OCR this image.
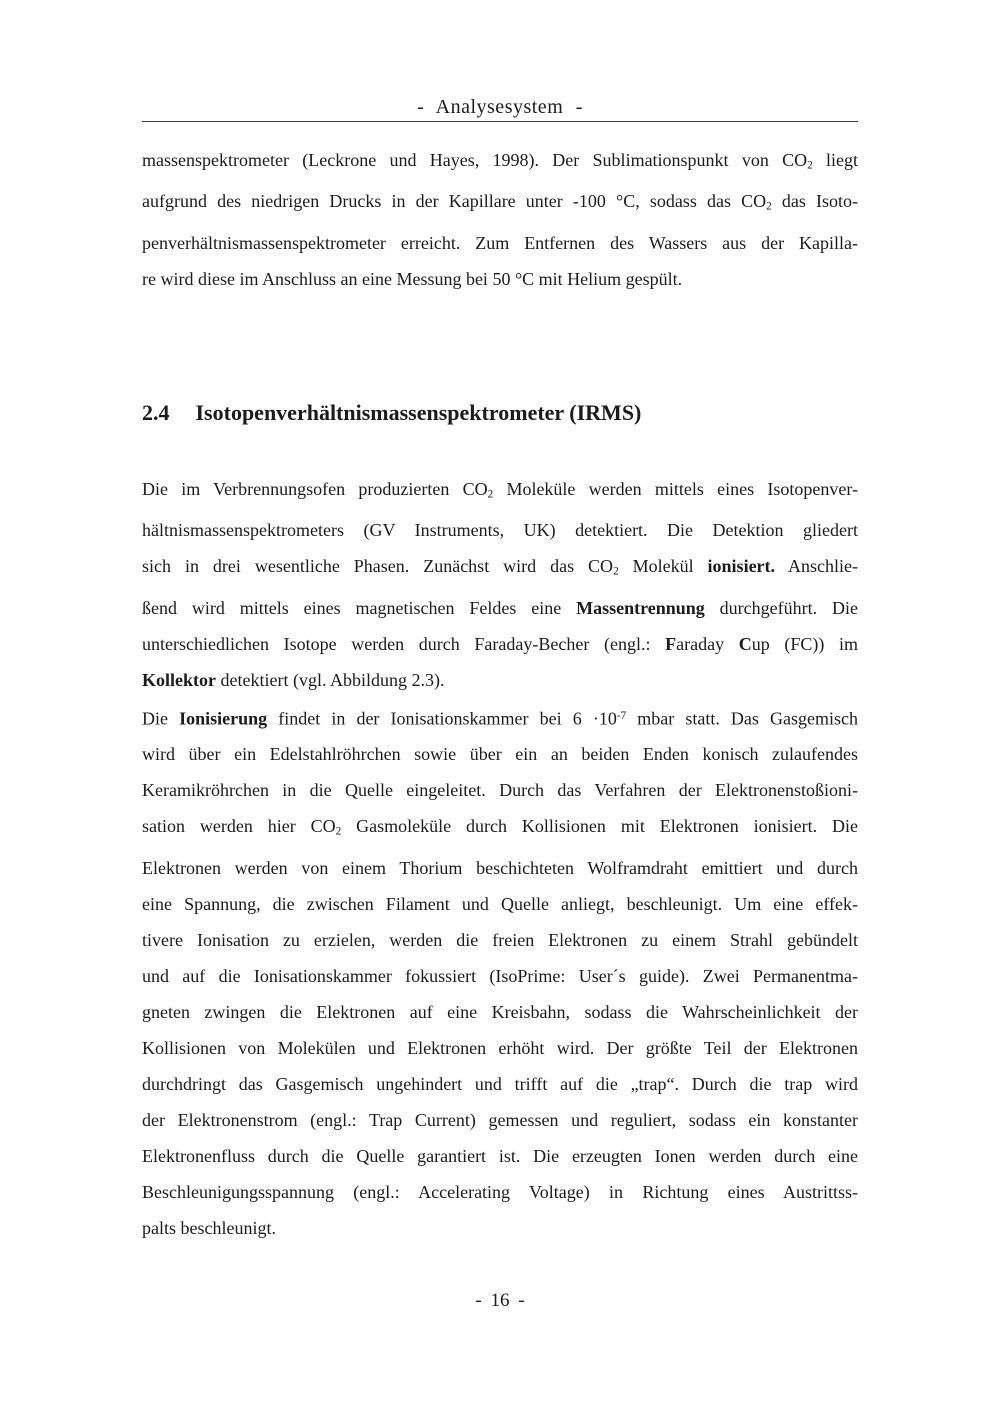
- Analysesystem -
massenspektrometer (Leckrone und Hayes, 1998). Der Sublimationspunkt von $CO_2$ liegt
aufgrund des niedrigen Drucks in der Kapillare unter -100 °C, sodass das $CO_2$ das Isoto-
penverhältnismassenspektrometer erreicht. Zum Entfernen des Wassers aus der Kapilla-
re wird diese im Anschluss an eine Messung bei 50 °C mit Helium gespült.
2.4 Isotopenverhältnismassenspektrometer (IRMS)
Die im Verbrennungsofen produzierten $CO_2$ Moleküle werden mittels eines Isotopenver-
hältnismassenspektrometers (GV Instruments, UK) detektiert. Die Detektion gliedert
sich in drei wesentliche Phasen. Zunächst wird das $CO_2$ Molekül ionisiert. Anschlie-
ßend wird mittels eines magnetischen Feldes eine Massentrennung durchgeführt. Die
unterschiedlichen Isotope werden durch Faraday-Becher (engl.: Faraday Cup (FC)) im
Kollektor detektiert (vgl. Abbildung 2.3).
Die Ionisierung findet in der Ionisationskammer bei $6 \cdot 10^{-7}$ mbar statt. Das Gasgemisch
wird über ein Edelstahlröhrchen sowie über ein an beiden Enden konisch zulaufendes
Keramikröhrchen in die Quelle eingeleitet. Durch das Verfahren der Elektronenstoßioni-
sation werden hier $CO_2$ Gasmoleküle durch Kollisionen mit Elektronen ionisiert. Die
Elektronen werden von einem Thorium beschichteten Wolframdraht emittiert und durch
eine Spannung, die zwischen Filament und Quelle anliegt, beschleunigt. Um eine effek-
tivere Ionisation zu erzielen, werden die freien Elektronen zu einem Strahl gebündelt
und auf die Ionisationskammer fokussiert (IsoPrime: User´s guide). Zwei Permanentma-
gneten zwingen die Elektronen auf eine Kreisbahn, sodass die Wahrscheinlichkeit der
Kollisionen von Molekülen und Elektronen erhöht wird. Der größte Teil der Elektronen
durchdringt das Gasgemisch ungehindert und trifft auf die „trap“. Durch die trap wird
der Elektronenstrom (engl.: Trap Current) gemessen und reguliert, sodass ein konstanter
Elektronenfluss durch die Quelle garantiert ist. Die erzeugten Ionen werden durch eine
Beschleunigungsspannung (engl.: Accelerating Voltage) in Richtung eines Austrittss-
palts beschleunigt.
- 16 -
